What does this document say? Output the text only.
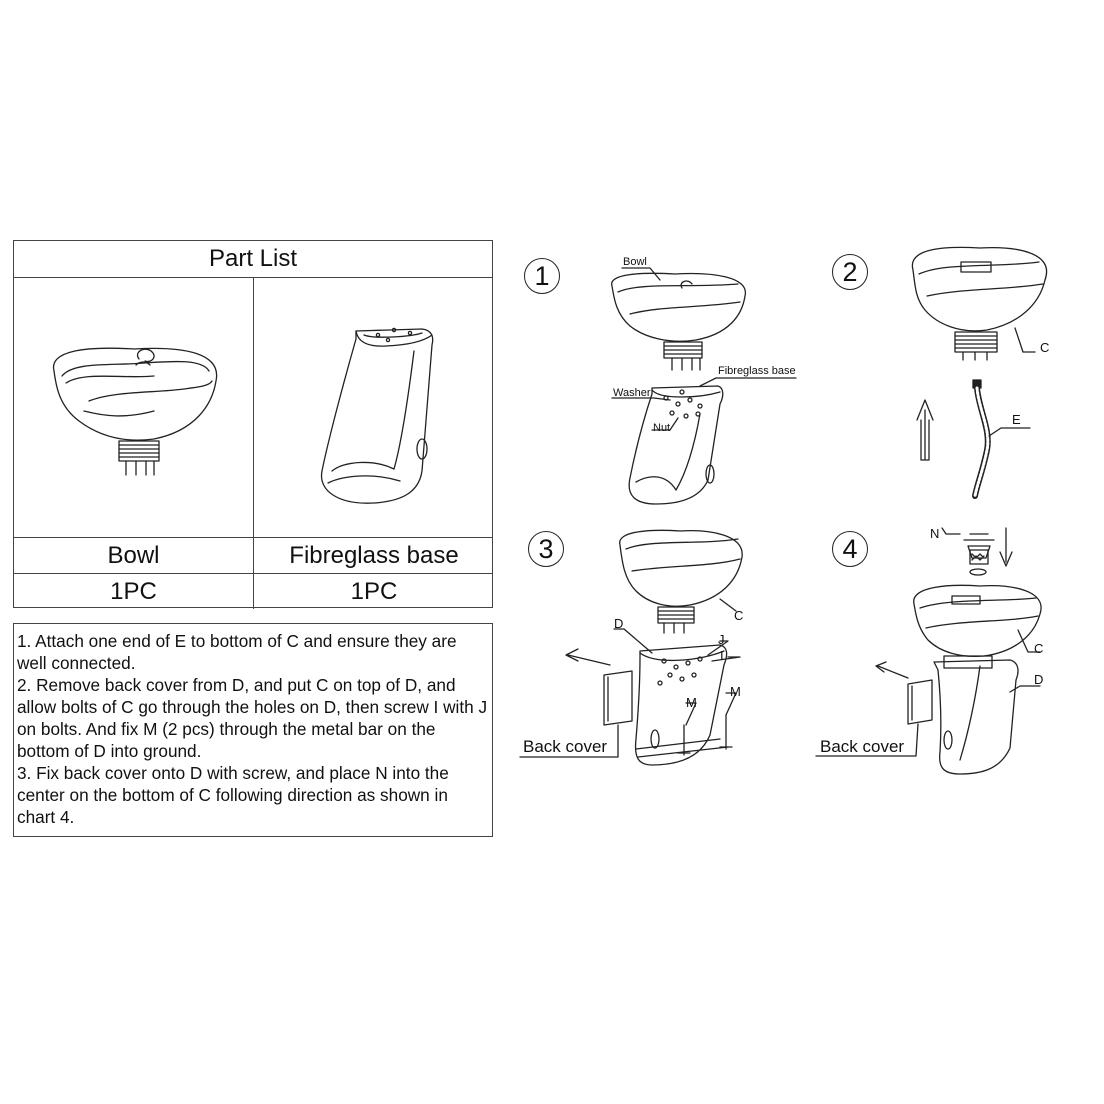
Part List
Bowl	Fibreglass base
1PC	1PC

1. Attach one end of E to bottom of C and ensure they are well connected.

2. Remove back cover from D, and put C on top of D, and allow bolts of C go through the holes on D, then screw I with J on bolts. And fix M (2 pcs) through the metal bar on the bottom of D into ground.

3. Fix back cover onto D with screw, and place N into the center on the bottom of C following direction as shown in chart 4.

1	Bowl
Fibreglass base
Washer
Nut
2
C
E
3
D
C
J
I
M
M
Back cover
4
N
C
D
Back cover
